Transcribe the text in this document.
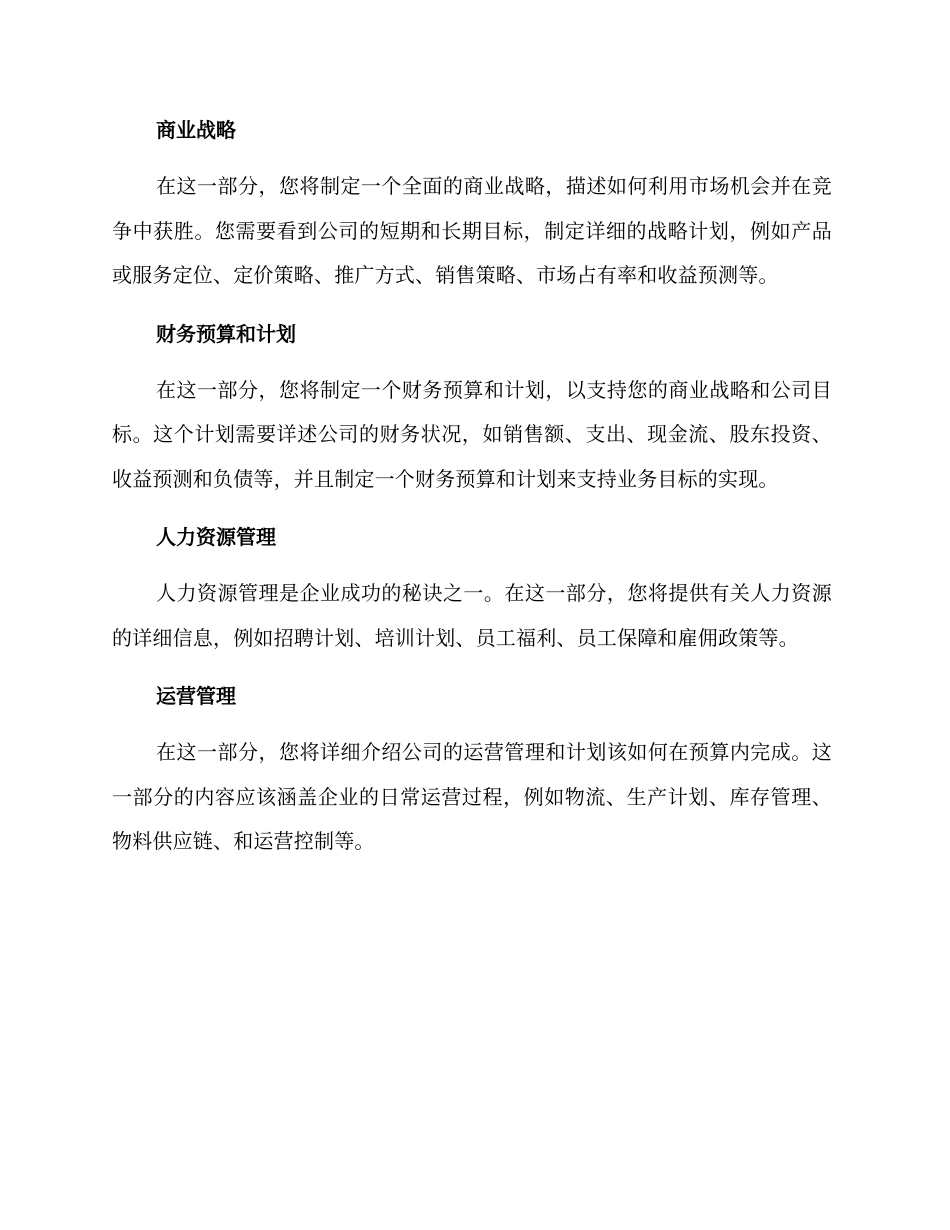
商业战略

在这一部分，您将制定一个全面的商业战略，描述如何利用市场机会并在竞争中获胜。您需要看到公司的短期和长期目标，制定详细的战略计划，例如产品或服务定位、定价策略、推广方式、销售策略、市场占有率和收益预测等。

财务预算和计划

在这一部分，您将制定一个财务预算和计划，以支持您的商业战略和公司目标。这个计划需要详述公司的财务状况，如销售额、支出、现金流、股东投资、收益预测和负债等，并且制定一个财务预算和计划来支持业务目标的实现。

人力资源管理

人力资源管理是企业成功的秘诀之一。在这一部分，您将提供有关人力资源的详细信息，例如招聘计划、培训计划、员工福利、员工保障和雇佣政策等。

运营管理

在这一部分，您将详细介绍公司的运营管理和计划该如何在预算内完成。这一部分的内容应该涵盖企业的日常运营过程，例如物流、生产计划、库存管理、物料供应链、和运营控制等。
